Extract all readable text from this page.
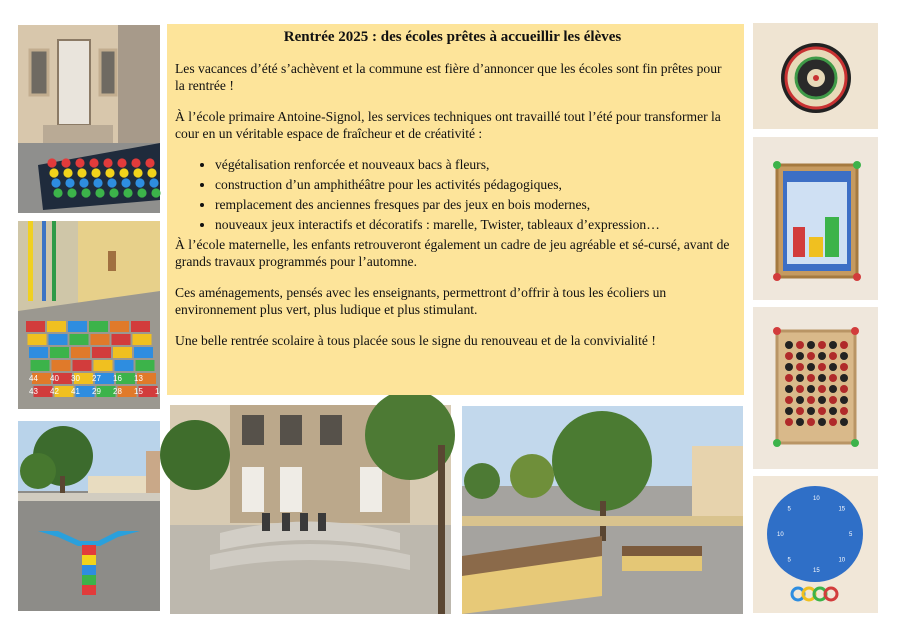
43 42 41 29 28 15 14
44 40 30 27 16 13
5
10
15
5
10
5
10
15
Rentrée 2025 : des écoles prêtes à accueillir les élèves

Les vacances d’été s’achèvent et la commune est fière d’annoncer que les écoles sont fin prêtes pour la rentrée !

À l’école primaire Antoine-Signol, les services techniques ont travaillé tout l’été pour transformer la cour en un véritable espace de fraîcheur et de créativité :

• végétalisation renforcée et nouveaux bacs à fleurs,
• construction d’un amphithéâtre pour les activités pédagogiques,
• remplacement des anciennes fresques par des jeux en bois modernes,
• nouveaux jeux interactifs et décoratifs : marelle, Twister, tableaux d’expression…

À l’école maternelle, les enfants retrouveront également un cadre de jeu agréable et sé-cursé, avant de grands travaux programmés pour l’automne.

Ces aménagements, pensés avec les enseignants, permettront d’offrir à tous les écoliers un environnement plus vert, plus ludique et plus stimulant.

Une belle rentrée scolaire à tous placée sous le signe du renouveau et de la convivialité !
